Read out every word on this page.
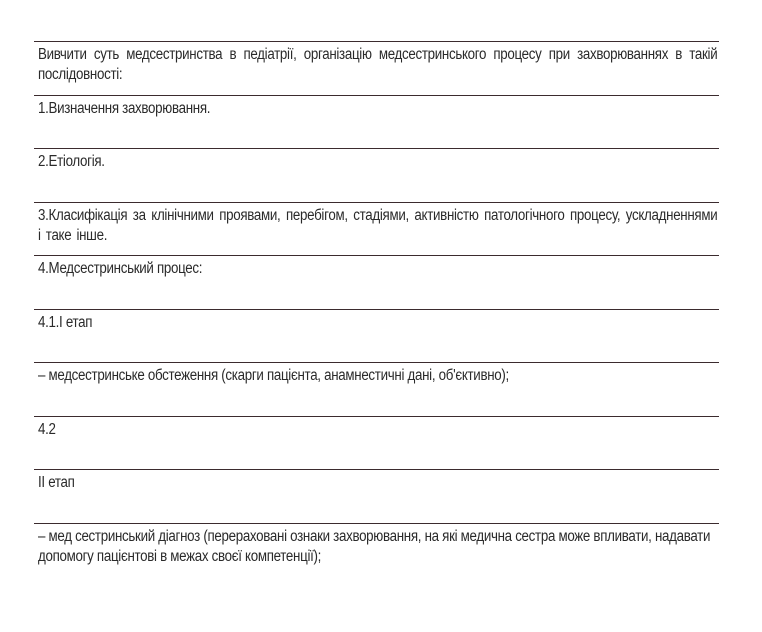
Вивчити суть медсестринства в педіатрії, організацію медсестринського процесу при захворюваннях в такій послідовності:
1.Визначення захворювання.
2.Етіологія.
3.Класифікація за клінічними проявами, перебігом, стадіями, активністю патологічного процесу, ускладненнями і таке інше.
4.Медсестринський процес:
4.1.I етап
– медсестринське обстеження (скарги пацієнта, анамнестичні дані, об'єктивно);
4.2
II етап
– мед сестринський діагноз (перераховані ознаки захворювання, на які медична сестра може впливати, надавати допомогу пацієнтові в межах своєї компетенції);
